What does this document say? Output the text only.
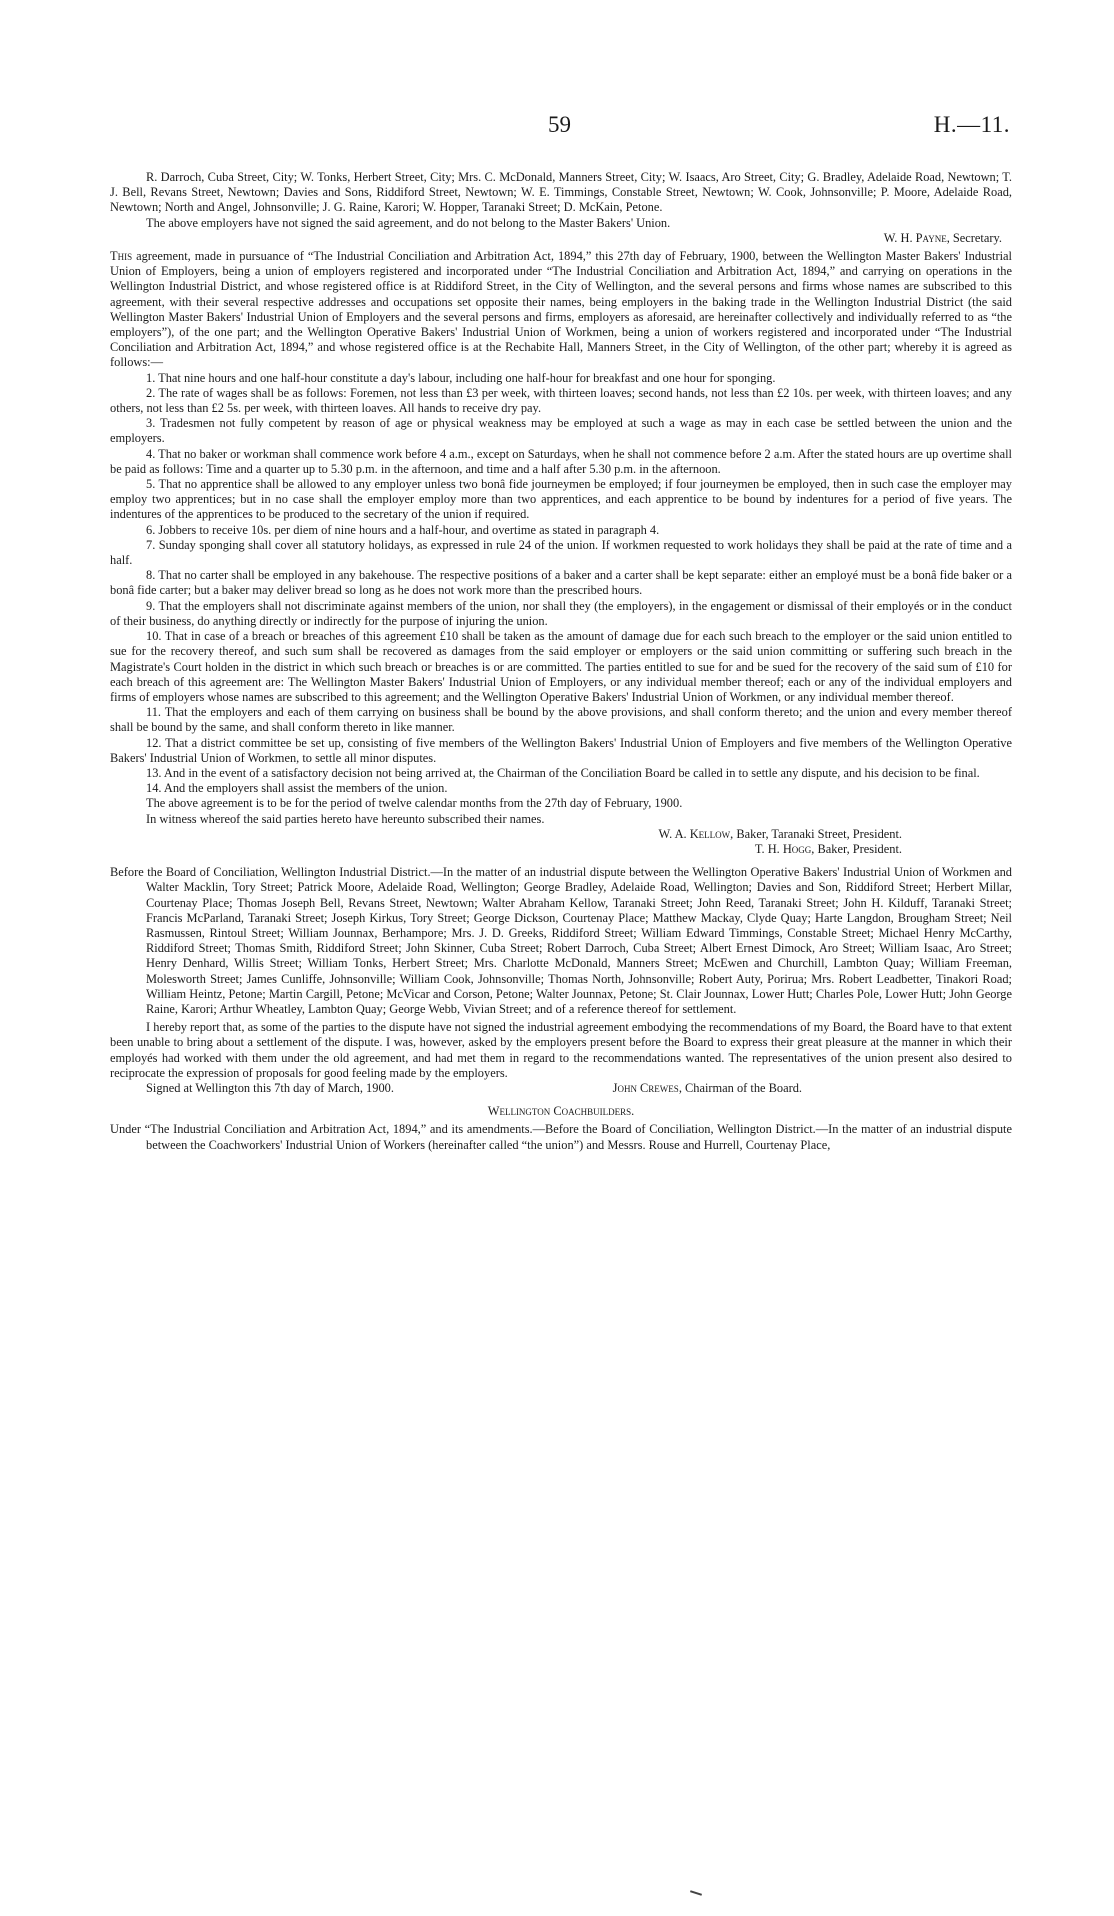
59	H.—11.

R. Darroch, Cuba Street, City; W. Tonks, Herbert Street, City; Mrs. C. McDonald, Manners Street, City; W. Isaacs, Aro Street, City; G. Bradley, Adelaide Road, Newtown; T. J. Bell, Revans Street, Newtown; Davies and Sons, Riddiford Street, Newtown; W. E. Timmings, Constable Street, Newtown; W. Cook, Johnsonville; P. Moore, Adelaide Road, Newtown; North and Angel, Johnsonville; J. G. Raine, Karori; W. Hopper, Taranaki Street; D. McKain, Petone.

The above employers have not signed the said agreement, and do not belong to the Master Bakers' Union.

W. H. Payne, Secretary.

This agreement, made in pursuance of “The Industrial Conciliation and Arbitration Act, 1894,” this 27th day of February, 1900, between the Wellington Master Bakers' Industrial Union of Employers, being a union of employers registered and incorporated under “The Industrial Conciliation and Arbitration Act, 1894,” and carrying on operations in the Wellington Industrial District, and whose registered office is at Riddiford Street, in the City of Wellington, and the several persons and firms whose names are subscribed to this agreement, with their several respective addresses and occupations set opposite their names, being employers in the baking trade in the Wellington Industrial District (the said Wellington Master Bakers' Industrial Union of Employers and the several persons and firms, employers as aforesaid, are hereinafter collectively and individually referred to as “the employers”), of the one part; and the Wellington Operative Bakers' Industrial Union of Workmen, being a union of workers registered and incorporated under “The Industrial Conciliation and Arbitration Act, 1894,” and whose registered office is at the Rechabite Hall, Manners Street, in the City of Wellington, of the other part; whereby it is agreed as follows:—

1. That nine hours and one half-hour constitute a day's labour, including one half-hour for breakfast and one hour for sponging.

2. The rate of wages shall be as follows: Foremen, not less than £3 per week, with thirteen loaves; second hands, not less than £2 10s. per week, with thirteen loaves; and any others, not less than £2 5s. per week, with thirteen loaves. All hands to receive dry pay.

3. Tradesmen not fully competent by reason of age or physical weakness may be employed at such a wage as may in each case be settled between the union and the employers.

4. That no baker or workman shall commence work before 4 a.m., except on Saturdays, when he shall not commence before 2 a.m. After the stated hours are up overtime shall be paid as follows: Time and a quarter up to 5.30 p.m. in the afternoon, and time and a half after 5.30 p.m. in the afternoon.

5. That no apprentice shall be allowed to any employer unless two bonâ fide journeymen be employed; if four journeymen be employed, then in such case the employer may employ two apprentices; but in no case shall the employer employ more than two apprentices, and each apprentice to be bound by indentures for a period of five years. The indentures of the apprentices to be produced to the secretary of the union if required.

6. Jobbers to receive 10s. per diem of nine hours and a half-hour, and overtime as stated in paragraph 4.

7. Sunday sponging shall cover all statutory holidays, as expressed in rule 24 of the union. If workmen requested to work holidays they shall be paid at the rate of time and a half.

8. That no carter shall be employed in any bakehouse. The respective positions of a baker and a carter shall be kept separate: either an employé must be a bonâ fide baker or a bonâ fide carter; but a baker may deliver bread so long as he does not work more than the prescribed hours.

9. That the employers shall not discriminate against members of the union, nor shall they (the employers), in the engagement or dismissal of their employés or in the conduct of their business, do anything directly or indirectly for the purpose of injuring the union.

10. That in case of a breach or breaches of this agreement £10 shall be taken as the amount of damage due for each such breach to the employer or the said union entitled to sue for the recovery thereof, and such sum shall be recovered as damages from the said employer or employers or the said union committing or suffering such breach in the Magistrate's Court holden in the district in which such breach or breaches is or are committed. The parties entitled to sue for and be sued for the recovery of the said sum of £10 for each breach of this agreement are: The Wellington Master Bakers' Industrial Union of Employers, or any individual member thereof; each or any of the individual employers and firms of employers whose names are subscribed to this agreement; and the Wellington Operative Bakers' Industrial Union of Workmen, or any individual member thereof.

11. That the employers and each of them carrying on business shall be bound by the above provisions, and shall conform thereto; and the union and every member thereof shall be bound by the same, and shall conform thereto in like manner.

12. That a district committee be set up, consisting of five members of the Wellington Bakers' Industrial Union of Employers and five members of the Wellington Operative Bakers' Industrial Union of Workmen, to settle all minor disputes.

13. And in the event of a satisfactory decision not being arrived at, the Chairman of the Conciliation Board be called in to settle any dispute, and his decision to be final.

14. And the employers shall assist the members of the union.

The above agreement is to be for the period of twelve calendar months from the 27th day of February, 1900.

In witness whereof the said parties hereto have hereunto subscribed their names.

W. A. Kellow, Baker, Taranaki Street, President.

T. H. Hogg, Baker, President.

Before the Board of Conciliation, Wellington Industrial District.—In the matter of an industrial dispute between the Wellington Operative Bakers' Industrial Union of Workmen and Walter Macklin, Tory Street; Patrick Moore, Adelaide Road, Wellington; George Bradley, Adelaide Road, Wellington; Davies and Son, Riddiford Street; Herbert Millar, Courtenay Place; Thomas Joseph Bell, Revans Street, Newtown; Walter Abraham Kellow, Taranaki Street; John Reed, Taranaki Street; John H. Kilduff, Taranaki Street; Francis McParland, Taranaki Street; Joseph Kirkus, Tory Street; George Dickson, Courtenay Place; Matthew Mackay, Clyde Quay; Harte Langdon, Brougham Street; Neil Rasmussen, Rintoul Street; William Jounnax, Berhampore; Mrs. J. D. Greeks, Riddiford Street; William Edward Timmings, Constable Street; Michael Henry McCarthy, Riddiford Street; Thomas Smith, Riddiford Street; John Skinner, Cuba Street; Robert Darroch, Cuba Street; Albert Ernest Dimock, Aro Street; William Isaac, Aro Street; Henry Denhard, Willis Street; William Tonks, Herbert Street; Mrs. Charlotte McDonald, Manners Street; McEwen and Churchill, Lambton Quay; William Freeman, Molesworth Street; James Cunliffe, Johnsonville; William Cook, Johnsonville; Thomas North, Johnsonville; Robert Auty, Porirua; Mrs. Robert Leadbetter, Tinakori Road; William Heintz, Petone; Martin Cargill, Petone; McVicar and Corson, Petone; Walter Jounnax, Petone; St. Clair Jounnax, Lower Hutt; Charles Pole, Lower Hutt; John George Raine, Karori; Arthur Wheatley, Lambton Quay; George Webb, Vivian Street; and of a reference thereof for settlement.

I hereby report that, as some of the parties to the dispute have not signed the industrial agreement embodying the recommendations of my Board, the Board have to that extent been unable to bring about a settlement of the dispute. I was, however, asked by the employers present before the Board to express their great pleasure at the manner in which their employés had worked with them under the old agreement, and had met them in regard to the recommendations wanted. The representatives of the union present also desired to reciprocate the expression of proposals for good feeling made by the employers.

Signed at Wellington this 7th day of March, 1900.	John Crewes, Chairman of the Board.

Wellington Coachbuilders.

Under “The Industrial Conciliation and Arbitration Act, 1894,” and its amendments.—Before the Board of Conciliation, Wellington District.—In the matter of an industrial dispute between the Coachworkers' Industrial Union of Workers (hereinafter called “the union”) and Messrs. Rouse and Hurrell, Courtenay Place,
